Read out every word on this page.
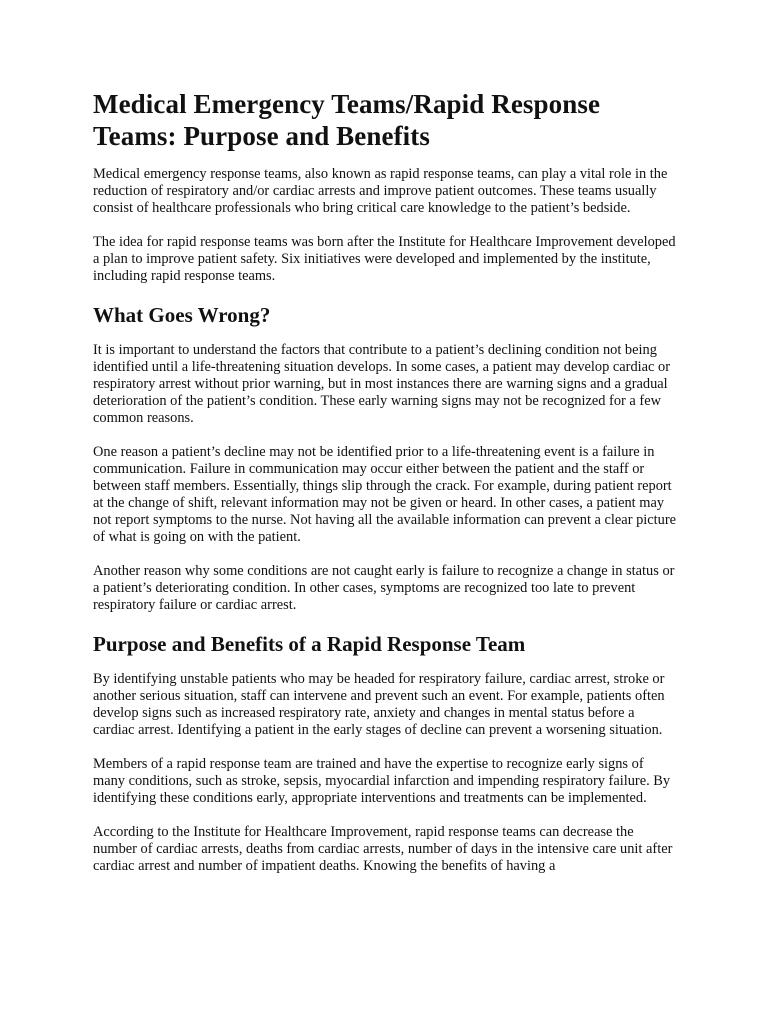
Medical Emergency Teams/Rapid Response Teams: Purpose and Benefits

Medical emergency response teams, also known as rapid response teams, can play a vital role in the reduction of respiratory and/or cardiac arrests and improve patient outcomes. These teams usually consist of healthcare professionals who bring critical care knowledge to the patient’s bedside.

The idea for rapid response teams was born after the Institute for Healthcare Improvement developed a plan to improve patient safety. Six initiatives were developed and implemented by the institute, including rapid response teams.

What Goes Wrong?

It is important to understand the factors that contribute to a patient’s declining condition not being identified until a life-threatening situation develops. In some cases, a patient may develop cardiac or respiratory arrest without prior warning, but in most instances there are warning signs and a gradual deterioration of the patient’s condition. These early warning signs may not be recognized for a few common reasons.

One reason a patient’s decline may not be identified prior to a life-threatening event is a failure in communication. Failure in communication may occur either between the patient and the staff or between staff members. Essentially, things slip through the crack. For example, during patient report at the change of shift, relevant information may not be given or heard. In other cases, a patient may not report symptoms to the nurse. Not having all the available information can prevent a clear picture of what is going on with the patient.

Another reason why some conditions are not caught early is failure to recognize a change in status or a patient’s deteriorating condition. In other cases, symptoms are recognized too late to prevent respiratory failure or cardiac arrest.

Purpose and Benefits of a Rapid Response Team

By identifying unstable patients who may be headed for respiratory failure, cardiac arrest, stroke or another serious situation, staff can intervene and prevent such an event. For example, patients often develop signs such as increased respiratory rate, anxiety and changes in mental status before a cardiac arrest. Identifying a patient in the early stages of decline can prevent a worsening situation.

Members of a rapid response team are trained and have the expertise to recognize early signs of many conditions, such as stroke, sepsis, myocardial infarction and impending respiratory failure. By identifying these conditions early, appropriate interventions and treatments can be implemented.

According to the Institute for Healthcare Improvement, rapid response teams can decrease the number of cardiac arrests, deaths from cardiac arrests, number of days in the intensive care unit after cardiac arrest and number of impatient deaths. Knowing the benefits of having a
